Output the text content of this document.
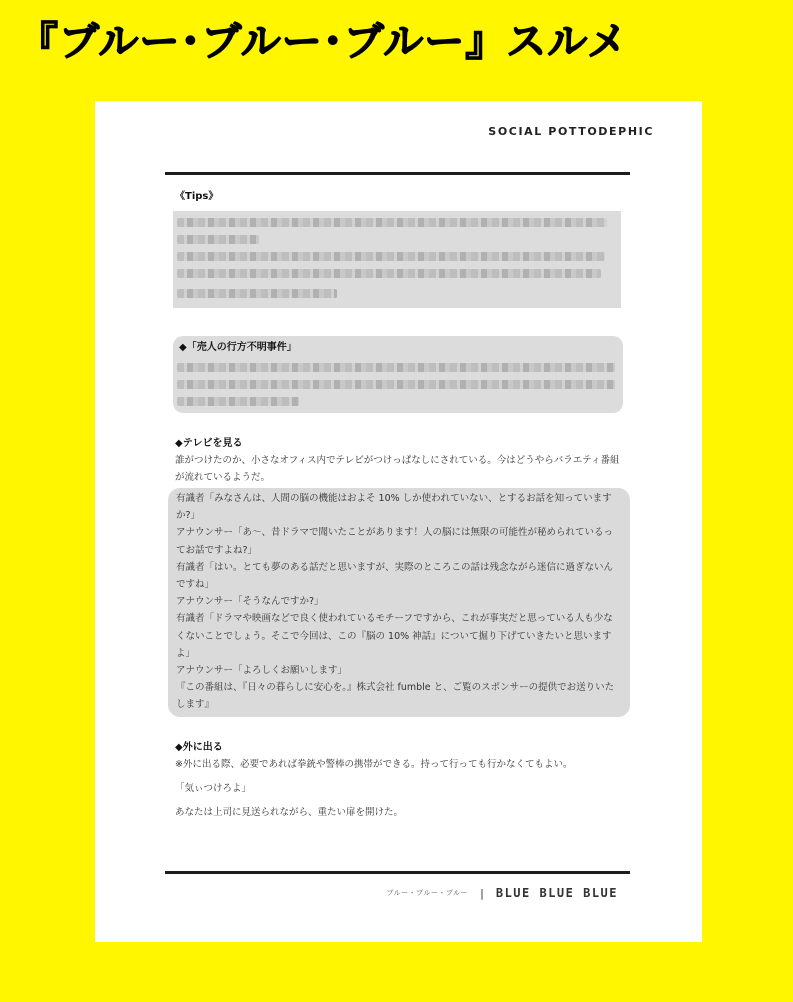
『ブルー･ブルー･ブルー』スルメ
SOCIAL POTTODEPHIC
《Tips》
◆「売人の行方不明事件」
◆テレビを見る
誰がつけたのか、小さなオフィス内でテレビがつけっぱなしにされている。今はどうやらバラエティ番組が流れているようだ。

有識者「みなさんは、人間の脳の機能はおよそ 10% しか使われていない、とするお話を知っていますか?」

アナウンサー「あ〜、昔ドラマで聞いたことがあります！人の脳には無限の可能性が秘められているってお話ですよね?」

有識者「はい。とても夢のある話だと思いますが、実際のところこの話は残念ながら迷信に過ぎないんですね」

アナウンサー「そうなんですか?」

有識者「ドラマや映画などで良く使われているモチーフですから、これが事実だと思っている人も少なくないことでしょう。そこで今回は、この『脳の 10% 神話』について掘り下げていきたいと思いますよ」

アナウンサー「よろしくお願いします」

『この番組は、『日々の暮らしに安心を。』株式会社 fumble と、ご覧のスポンサーの提供でお送りいたします』

◆外に出る

※外に出る際、必要であれば拳銃や警棒の携帯ができる。持って行っても行かなくてもよい。

「気ぃつけろよ」

あなたは上司に見送られながら、重たい扉を開けた。

ブルー・ブルー・ブルー | BLUE BLUE BLUE
